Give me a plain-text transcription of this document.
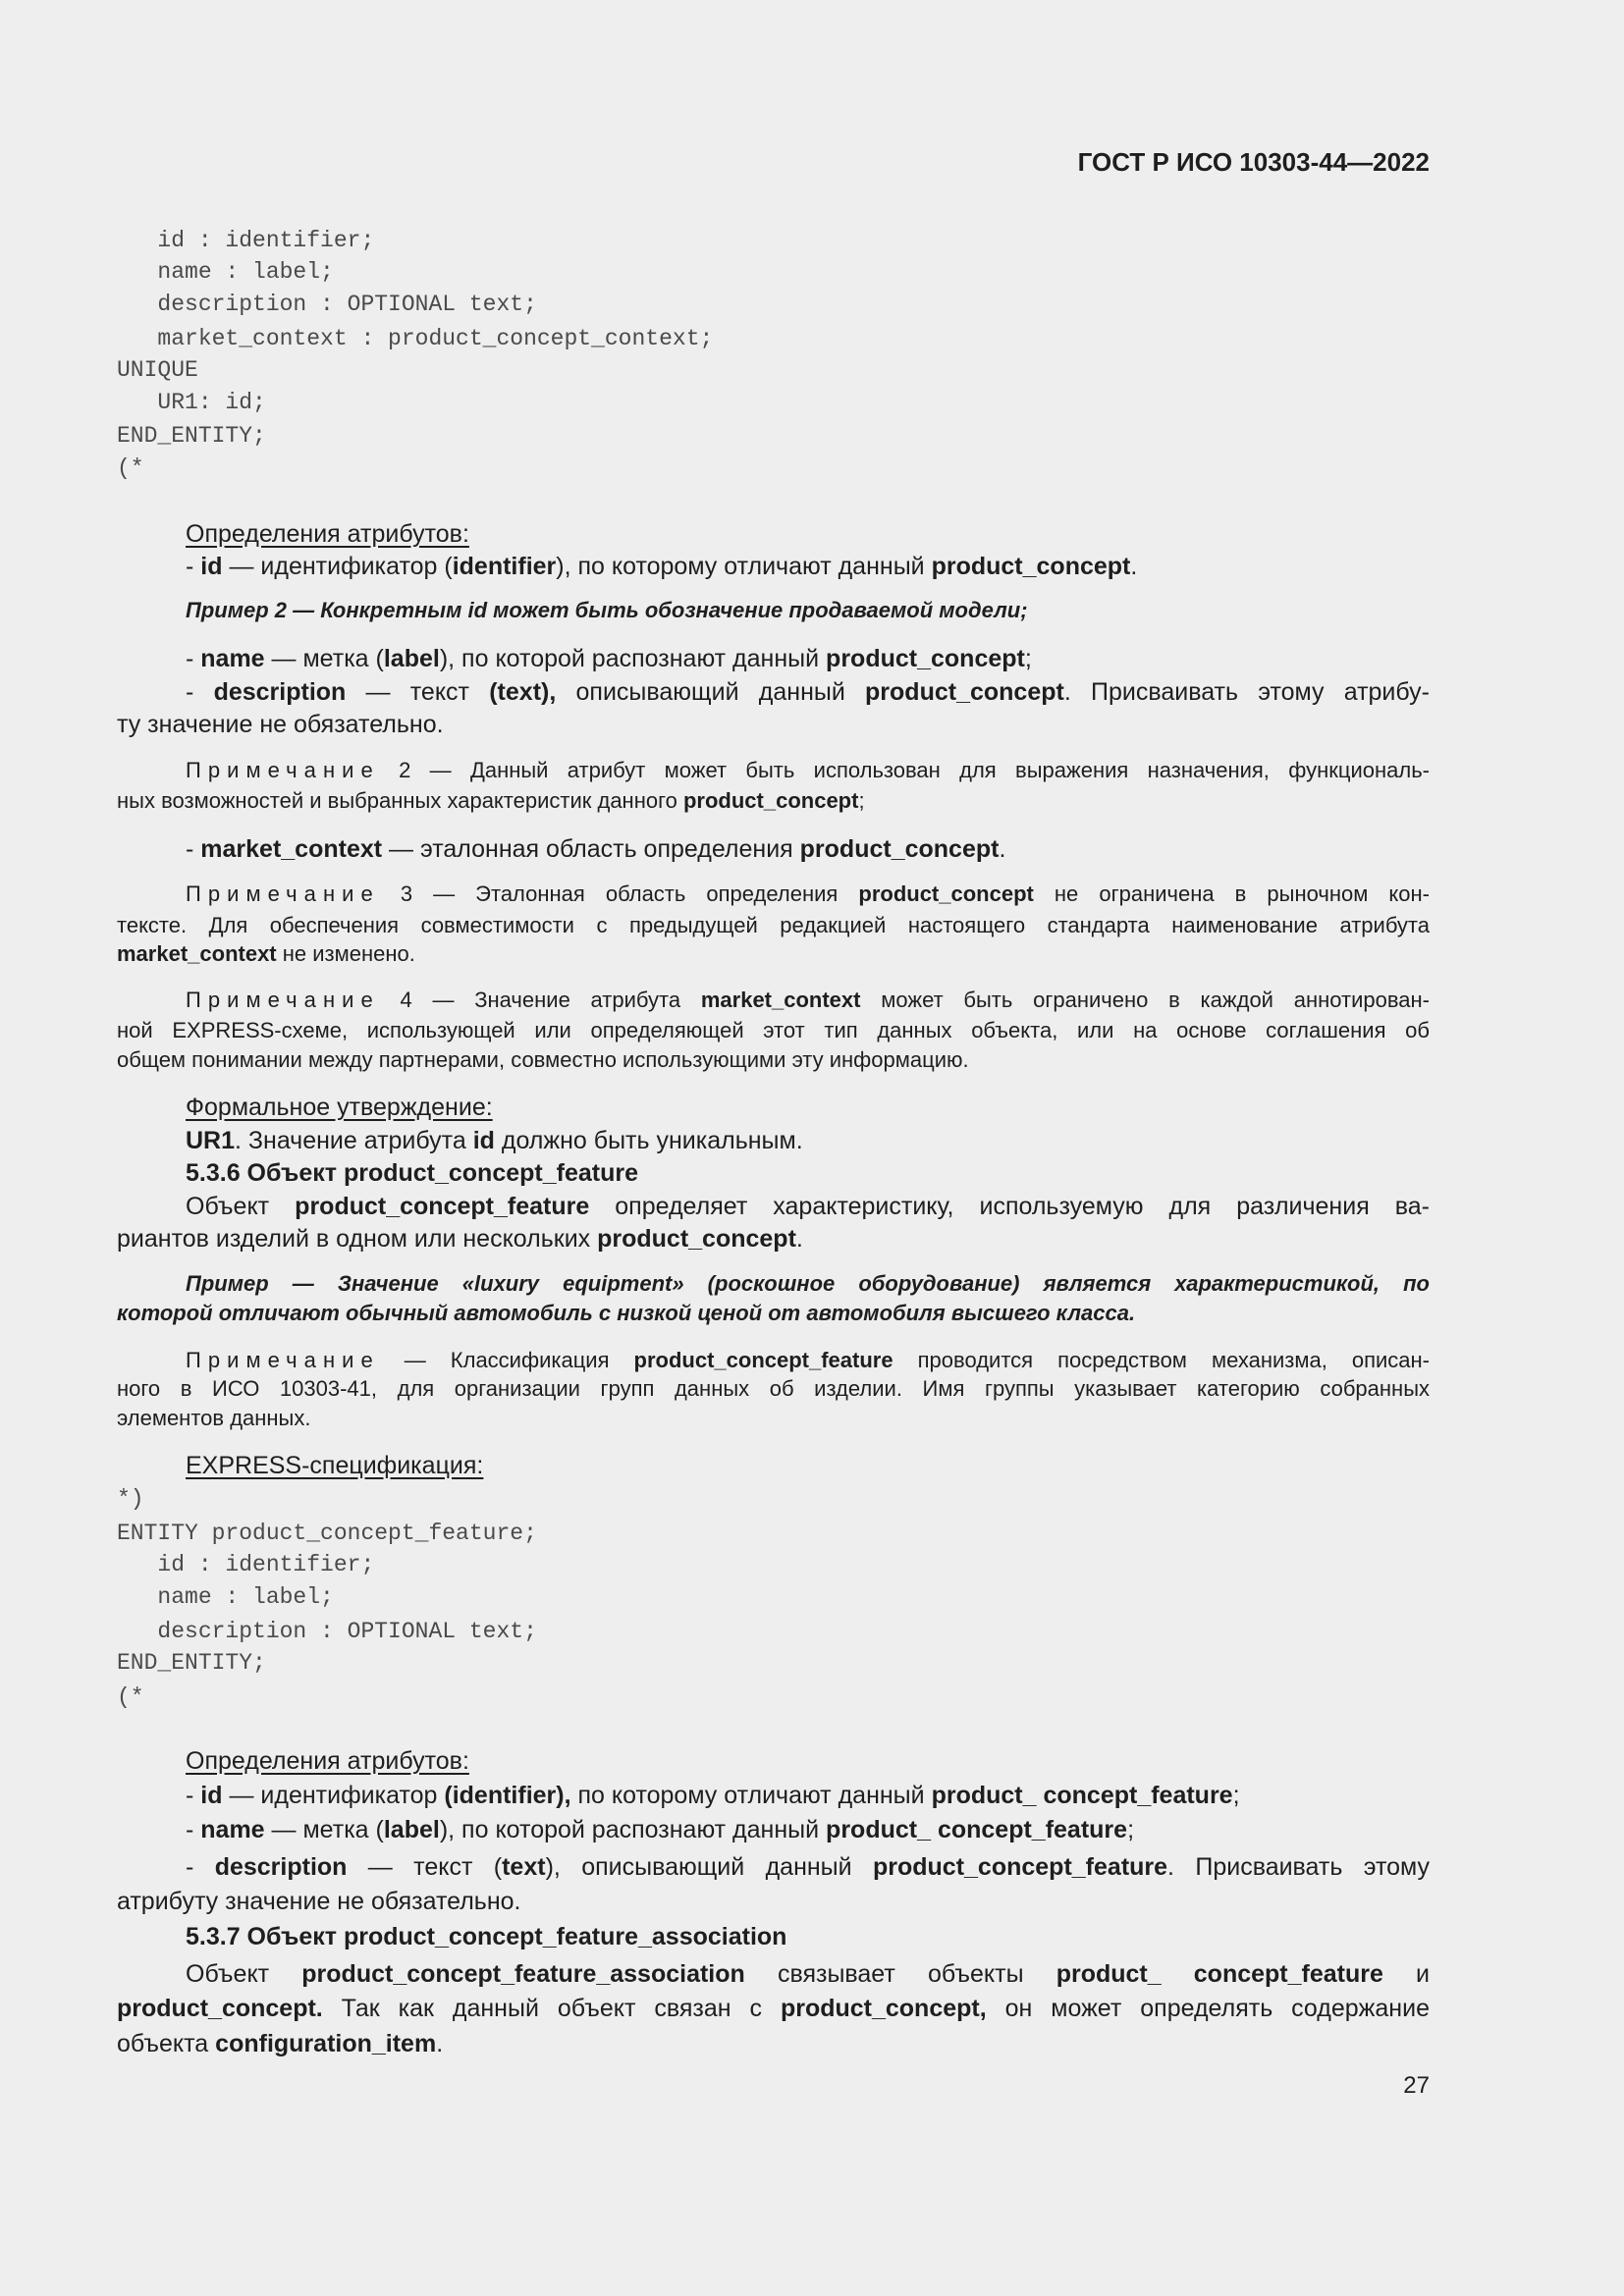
ГОСТ Р ИСО 10303-44—2022
id : identifier;
name : label;
description : OPTIONAL text;
market_context : product_concept_context;
UNIQUE
UR1: id;
END_ENTITY;
(*
Определения атрибутов:
- id — идентификатор (identifier), по которому отличают данный product_concept.
Пример 2 — Конкретным id может быть обозначение продаваемой модели;
- name — метка (label), по которой распознают данный product_concept;
- description — текст (text), описывающий данный product_concept. Присваивать этому атрибу-
ту значение не обязательно.
Примечание 2 — Данный атрибут может быть использован для выражения назначения, функциональ-
ных возможностей и выбранных характеристик данного product_concept;
- market_context — эталонная область определения product_concept.
Примечание 3 — Эталонная область определения product_concept не ограничена в рыночном кон-
тексте. Для обеспечения совместимости с предыдущей редакцией настоящего стандарта наименование атрибута
market_context не изменено.
Примечание 4 — Значение атрибута market_context может быть ограничено в каждой аннотирован-
ной EXPRESS-схеме, использующей или определяющей этот тип данных объекта, или на основе соглашения об
общем понимании между партнерами, совместно использующими эту информацию.
Формальное утверждение:
UR1. Значение атрибута id должно быть уникальным.
5.3.6 Объект product_concept_feature
Объект product_concept_feature определяет характеристику, используемую для различения ва-
риантов изделий в одном или нескольких product_concept.
Пример — Значение «luxury equipment» (роскошное оборудование) является характеристикой, по
которой отличают обычный автомобиль с низкой ценой от автомобиля высшего класса.
Примечание — Классификация product_concept_feature проводится посредством механизма, описан-
ного в ИСО 10303-41, для организации групп данных об изделии. Имя группы указывает категорию собранных
элементов данных.
EXPRESS-спецификация:
*)
ENTITY product_concept_feature;
id : identifier;
name : label;
description : OPTIONAL text;
END_ENTITY;
(*
Определения атрибутов:
- id — идентификатор (identifier), по которому отличают данный product_ concept_feature;
- name — метка (label), по которой распознают данный product_ concept_feature;
- description — текст (text), описывающий данный product_concept_feature. Присваивать этому
атрибуту значение не обязательно.
5.3.7 Объект product_concept_feature_association
Объект product_concept_feature_association связывает объекты product_ concept_feature и
product_concept. Так как данный объект связан с product_concept, он может определять содержание
объекта configuration_item.
27
